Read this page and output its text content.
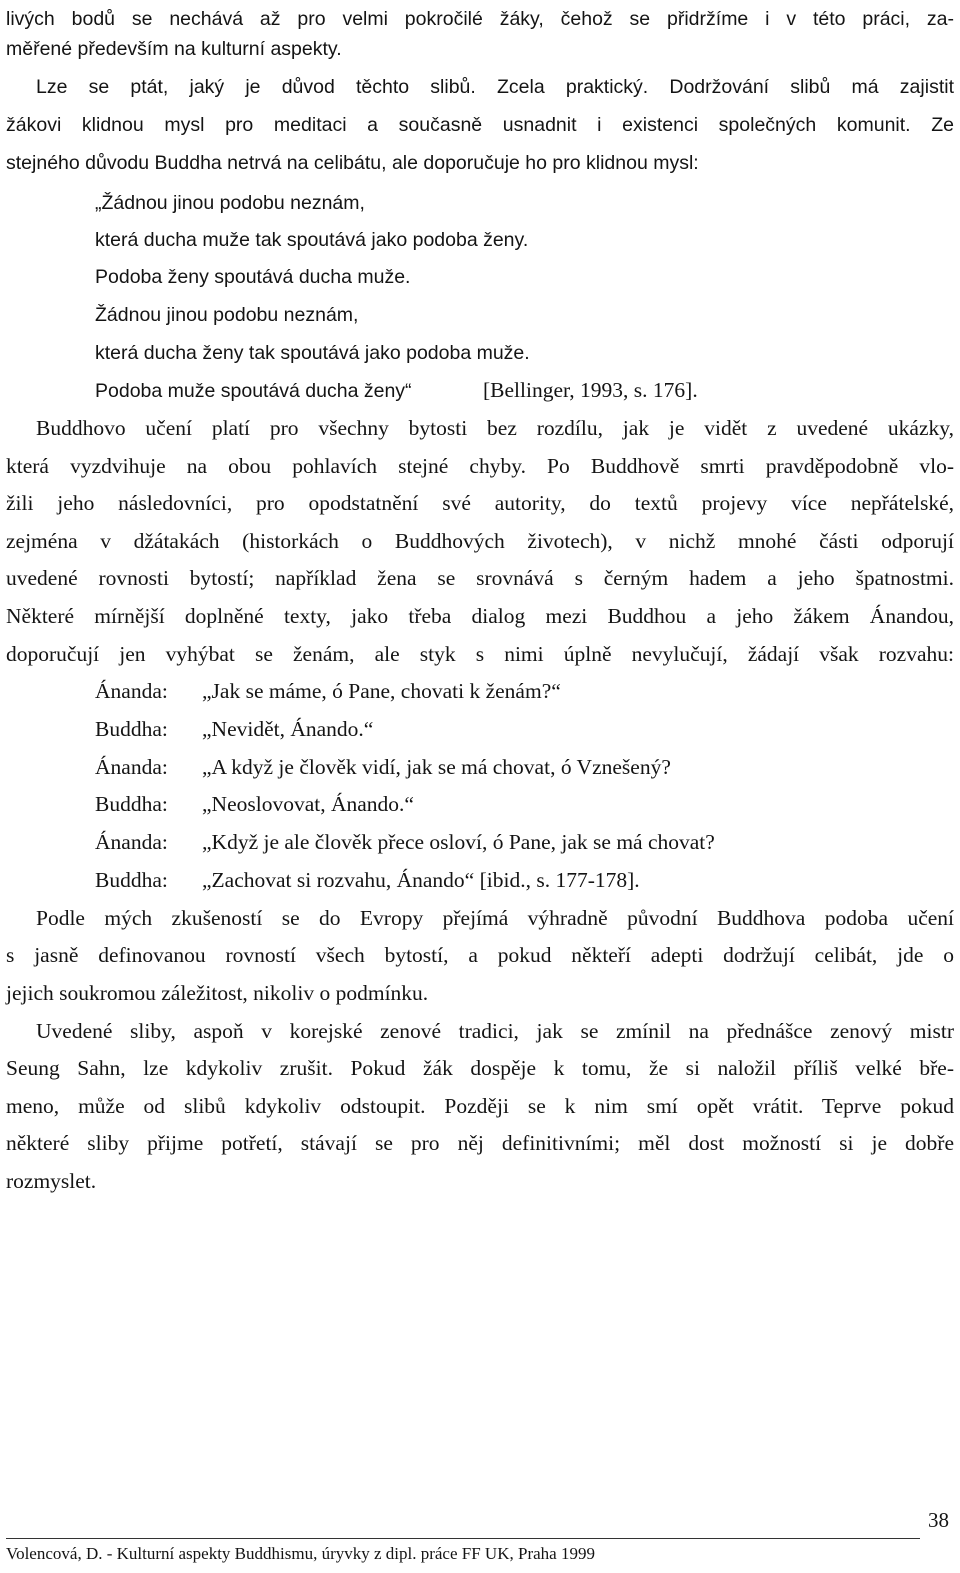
livých bodů se nechává až pro velmi pokročilé žáky, čehož se přidržíme i v této práci, za-
měřené především na kulturní aspekty.
Lze se ptát, jaký je důvod těchto slibů. Zcela praktický. Dodržování slibů má zajistit
žákovi klidnou mysl pro meditaci a současně usnadnit i existenci společných komunit. Ze
stejného důvodu Buddha netrvá na celibátu, ale doporučuje ho pro klidnou mysl:
„Žádnou jinou podobu neznám,
která ducha muže tak spoutává jako podoba ženy.
Podoba ženy spoutává ducha muže.
Žádnou jinou podobu neznám,
která ducha ženy tak spoutává jako podoba muže.
Podoba muže spoutává ducha ženy“	[Bellinger, 1993, s. 176].
Buddhovo učení platí pro všechny bytosti bez rozdílu, jak je vidět z uvedené ukázky,
která vyzdvihuje na obou pohlavích stejné chyby. Po Buddhově smrti pravděpodobně vlo-
žili jeho následovníci, pro opodstatnění své autority, do textů projevy více nepřátelské,
zejména v džátakách (historkách o Buddhových životech), v nichž mnohé části odporují
uvedené rovnosti bytostí; například žena se srovnává s černým hadem a jeho špatnostmi.
Některé mírnější doplněné texty, jako třeba dialog mezi Buddhou a jeho žákem Ánandou,
doporučují jen vyhýbat se ženám, ale styk s nimi úplně nevylučují, žádají však rozvahu:
Ánanda: „Jak se máme, ó Pane, chovati k ženám?“
Buddha: „Nevidět, Ánando.“
Ánanda: „A když je člověk vidí, jak se má chovat, ó Vznešený?
Buddha: „Neoslovovat, Ánando.“
Ánanda: „Když je ale člověk přece osloví, ó Pane, jak se má chovat?
Buddha: „Zachovat si rozvahu, Ánando“ [ibid., s. 177-178].
Podle mých zkušeností se do Evropy přejímá výhradně původní Buddhova podoba učení
s jasně definovanou rovností všech bytostí, a pokud někteří adepti dodržují celibát, jde o
jejich soukromou záležitost, nikoliv o podmínku.
Uvedené sliby, aspoň v korejské zenové tradici, jak se zmínil na přednášce zenový mistr
Seung Sahn, lze kdykoliv zrušit. Pokud žák dospěje k tomu, že si naložil příliš velké bře-
meno, může od slibů kdykoliv odstoupit. Později se k nim smí opět vrátit. Teprve pokud
některé sliby přijme potřetí, stávají se pro něj definitivními; měl dost možností si je dobře
rozmyslet.
38
Volencová, D. - Kulturní aspekty Buddhismu, úryvky z dipl. práce FF UK, Praha 1999
